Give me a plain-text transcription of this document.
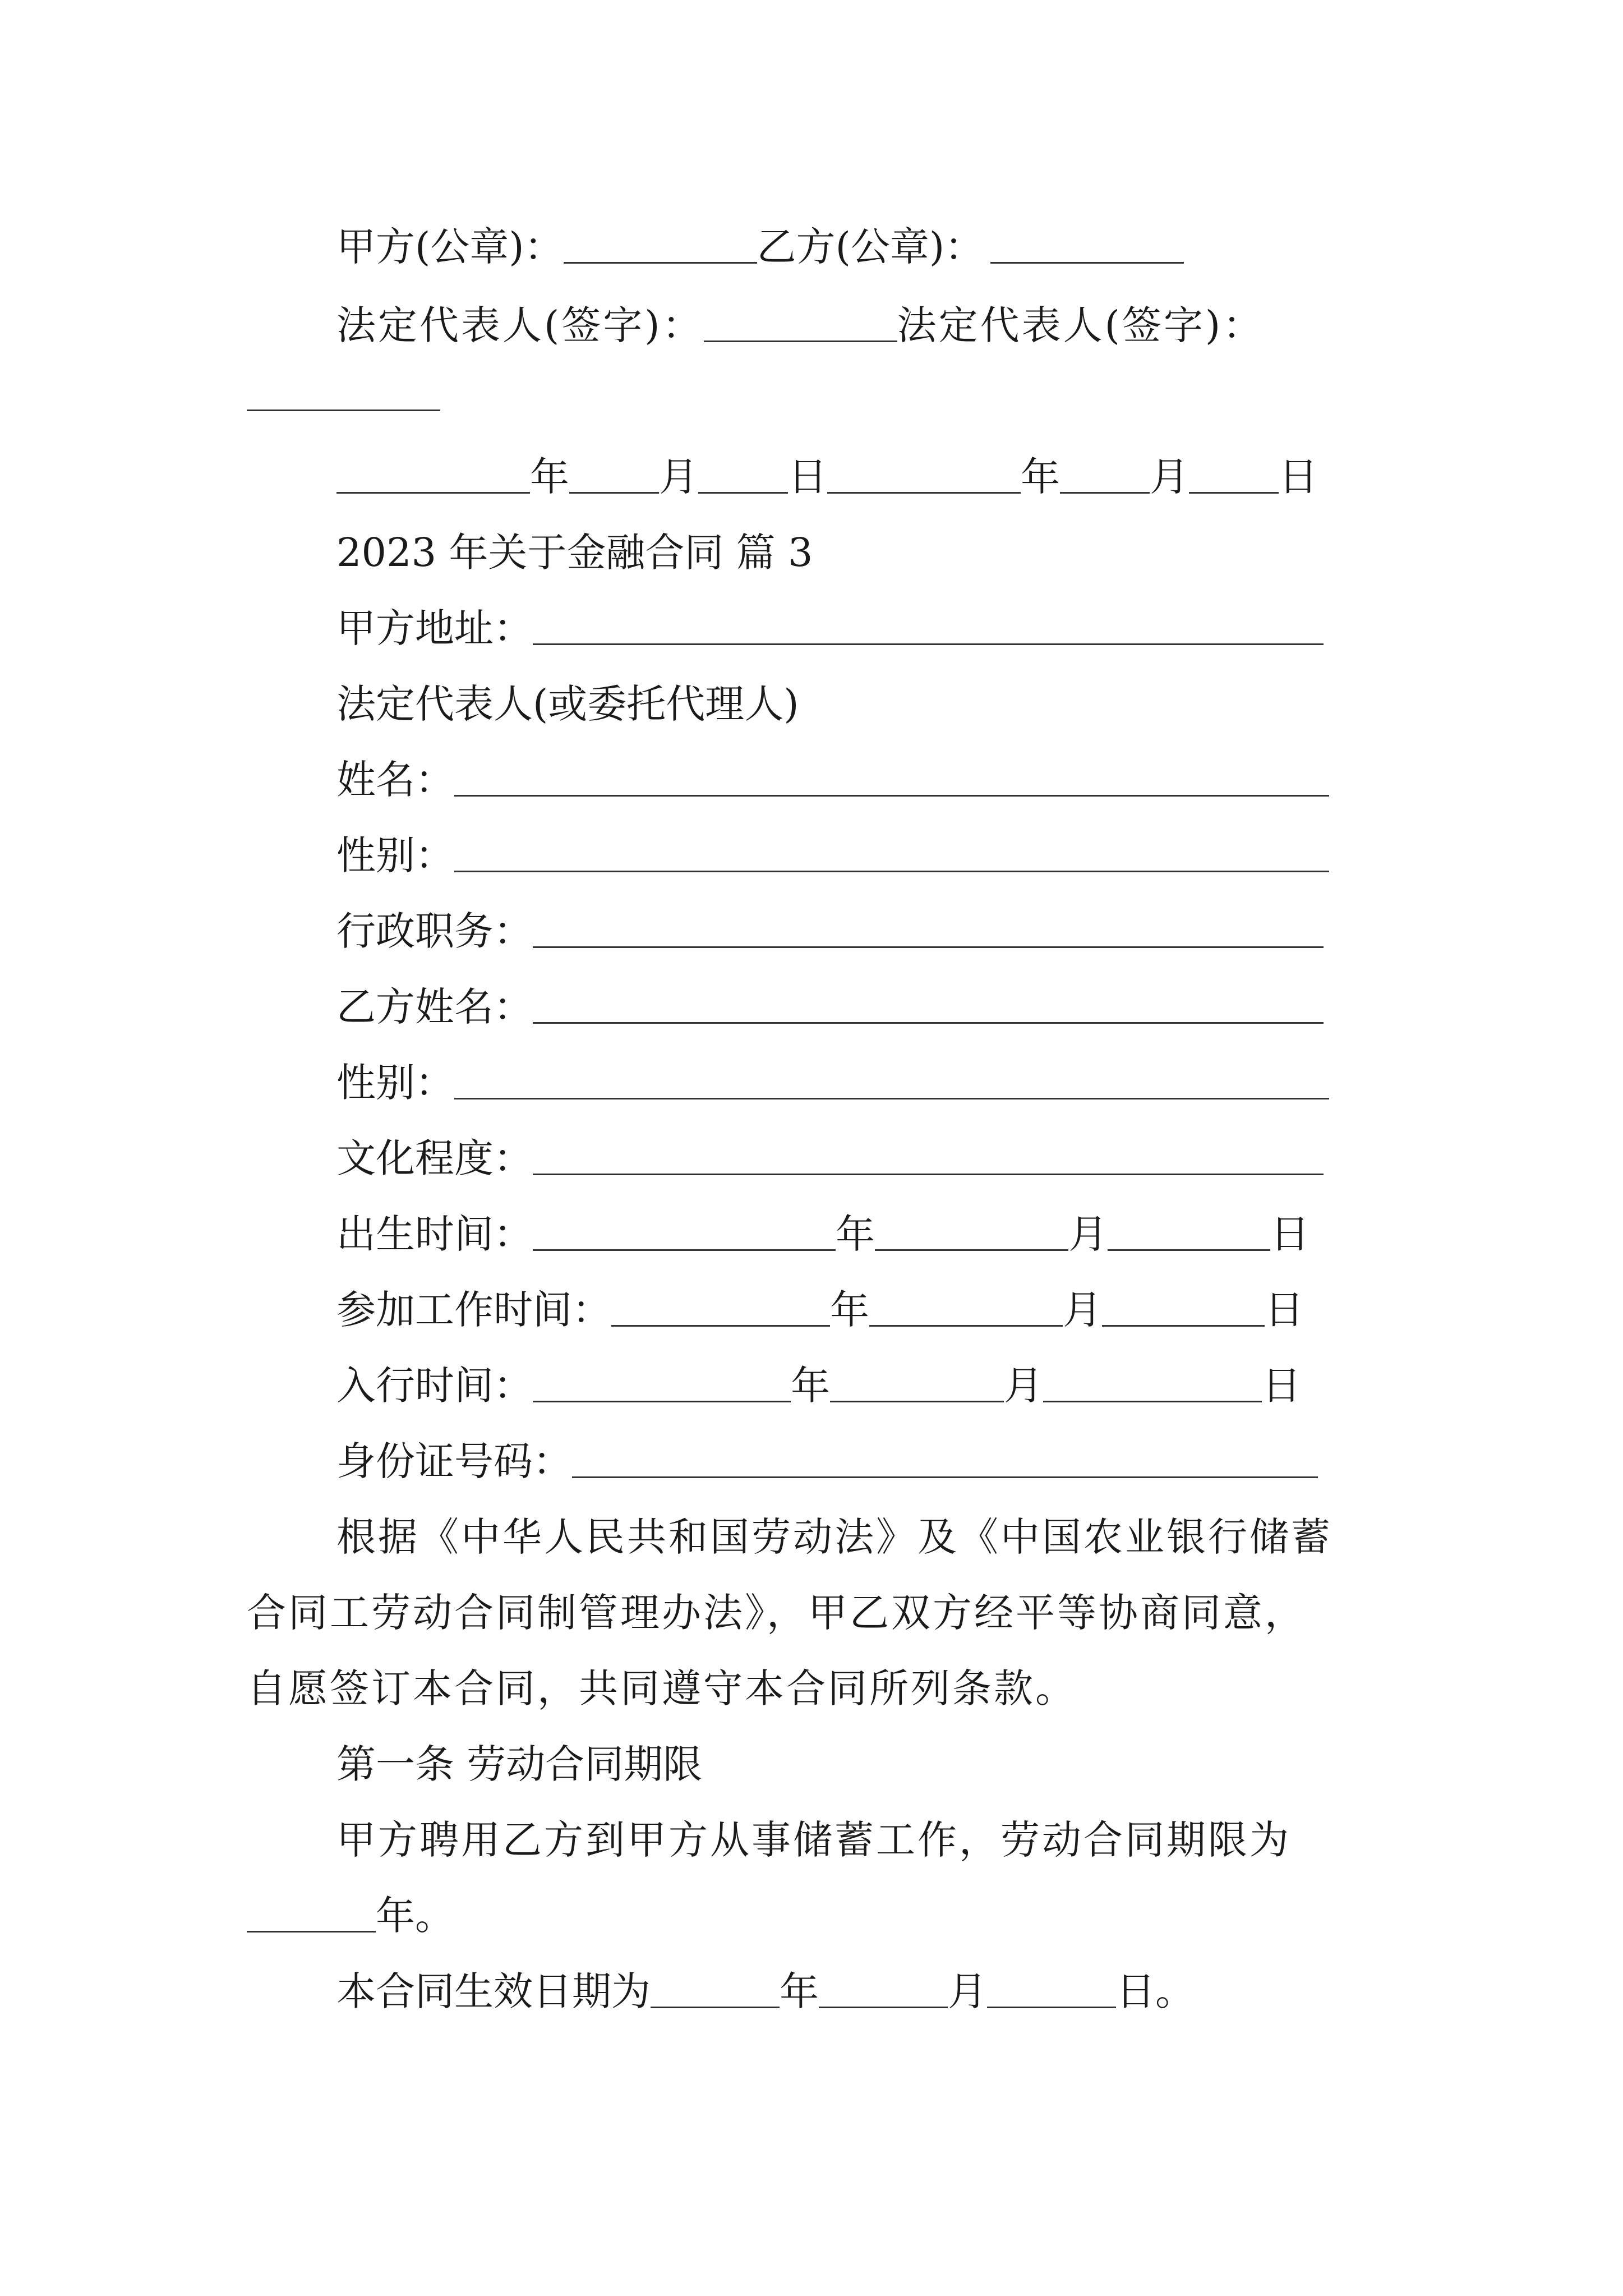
甲方(公章)：	乙方(公章)：
法定代表人(签字)：	法定代表人(签字)：
年 月 日	年 月 日
2023 年关于金融合同 篇 3
甲方地址：
法定代表人(或委托代理人)
姓名：
性别：
行政职务：
乙方姓名：
性别：
文化程度：
出生时间：	年	月	日
参加工作时间：	年	月	日
入行时间：	年	月	日
身份证号码：
根据《中华人民共和国劳动法》及《中国农业银行储蓄
合同工劳动合同制管理办法》，甲乙双方经平等协商同意，
自愿签订本合同，共同遵守本合同所列条款。
第一条 劳动合同期限
甲方聘用乙方到甲方从事储蓄工作，劳动合同期限为
年。
本合同生效日期为	年	月	日。
